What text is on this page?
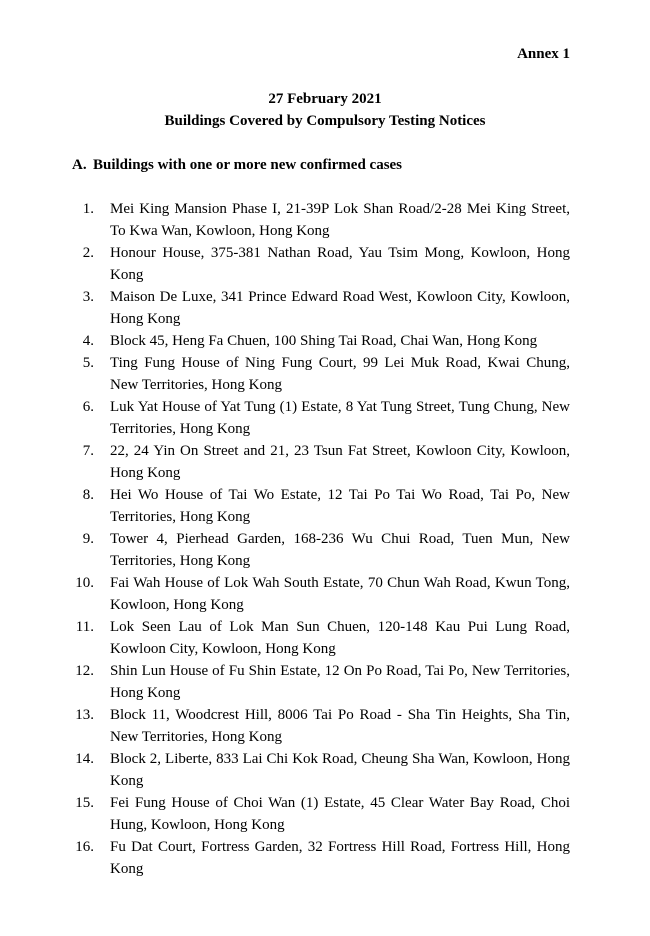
Annex 1
27 February 2021
Buildings Covered by Compulsory Testing Notices
A. Buildings with one or more new confirmed cases
1. Mei King Mansion Phase I, 21-39P Lok Shan Road/2-28 Mei King Street, To Kwa Wan, Kowloon, Hong Kong
2. Honour House, 375-381 Nathan Road, Yau Tsim Mong, Kowloon, Hong Kong
3. Maison De Luxe, 341 Prince Edward Road West, Kowloon City, Kowloon, Hong Kong
4. Block 45, Heng Fa Chuen, 100 Shing Tai Road, Chai Wan, Hong Kong
5. Ting Fung House of Ning Fung Court, 99 Lei Muk Road, Kwai Chung, New Territories, Hong Kong
6. Luk Yat House of Yat Tung (1) Estate, 8 Yat Tung Street, Tung Chung, New Territories, Hong Kong
7. 22, 24 Yin On Street and 21, 23 Tsun Fat Street, Kowloon City, Kowloon, Hong Kong
8. Hei Wo House of Tai Wo Estate, 12 Tai Po Tai Wo Road, Tai Po, New Territories, Hong Kong
9. Tower 4, Pierhead Garden, 168-236 Wu Chui Road, Tuen Mun, New Territories, Hong Kong
10. Fai Wah House of Lok Wah South Estate, 70 Chun Wah Road, Kwun Tong, Kowloon, Hong Kong
11. Lok Seen Lau of Lok Man Sun Chuen, 120-148 Kau Pui Lung Road, Kowloon City, Kowloon, Hong Kong
12. Shin Lun House of Fu Shin Estate, 12 On Po Road, Tai Po, New Territories, Hong Kong
13. Block 11, Woodcrest Hill, 8006 Tai Po Road - Sha Tin Heights, Sha Tin, New Territories, Hong Kong
14. Block 2, Liberte, 833 Lai Chi Kok Road, Cheung Sha Wan, Kowloon, Hong Kong
15. Fei Fung House of Choi Wan (1) Estate, 45 Clear Water Bay Road, Choi Hung, Kowloon, Hong Kong
16. Fu Dat Court, Fortress Garden, 32 Fortress Hill Road, Fortress Hill, Hong Kong
